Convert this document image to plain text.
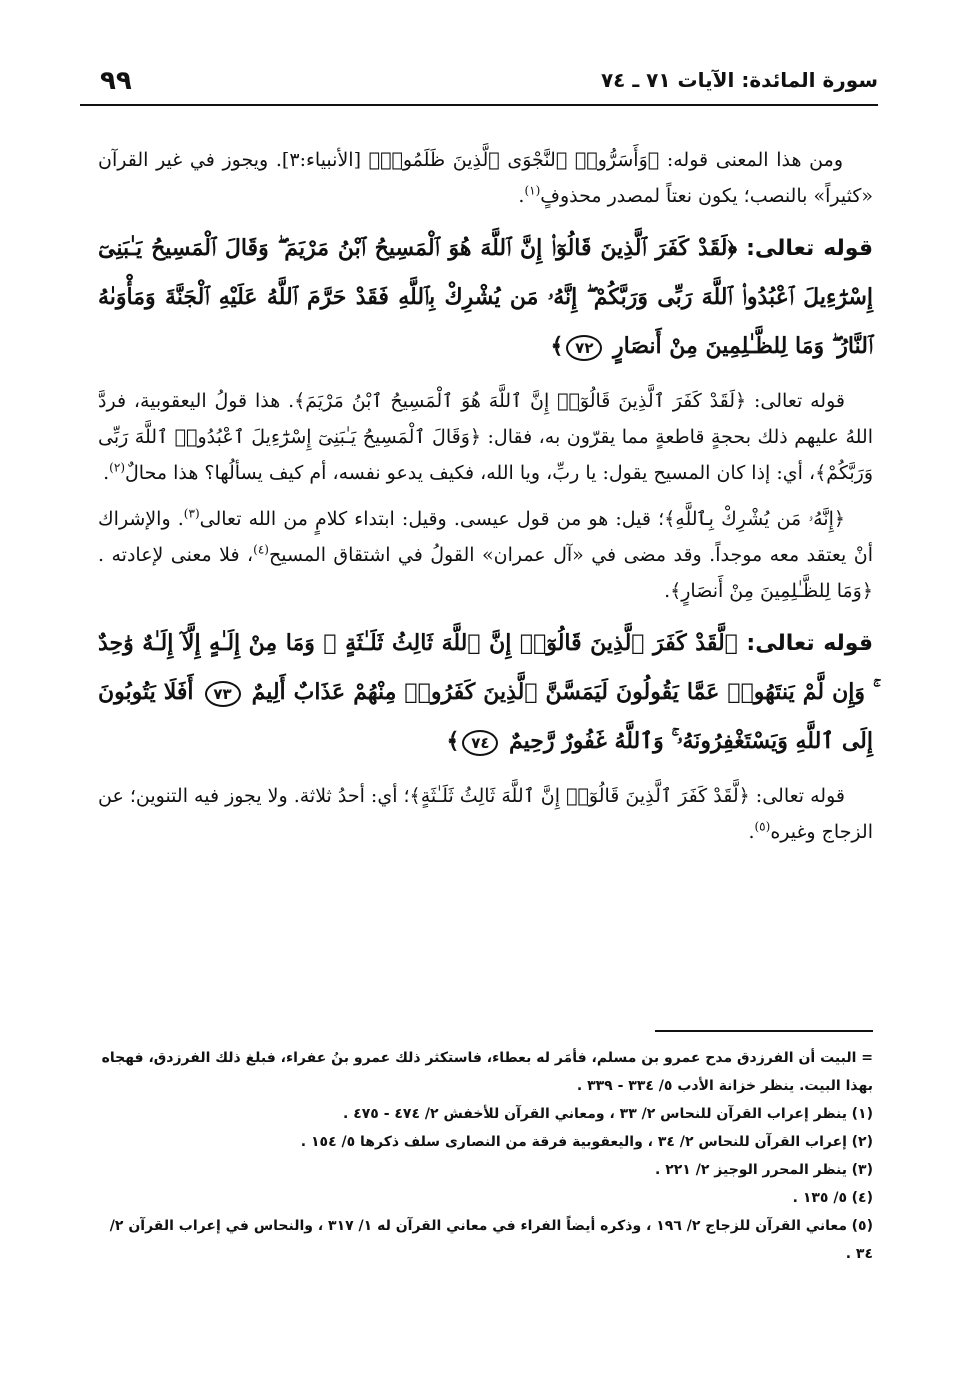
سورة المائدة: الآيات ٧١ ـ ٧٤
٩٩

ومن هذا المعنى قوله: ﴿وَأَسَرُّوا۟ ٱلنَّجْوَى ٱلَّذِينَ ظَلَمُوا۟﴾ [الأنبياء:٣]. ويجوز في غير القرآن «كثيراً» بالنصب؛ يكون نعتاً لمصدر محذوفٍ$^{(١)}$.

قوله تعالى: ﴿لَقَدْ كَفَرَ ٱلَّذِينَ قَالُوٓا۟ إِنَّ ٱللَّهَ هُوَ ٱلْمَسِيحُ ٱبْنُ مَرْيَمَ ۖ وَقَالَ ٱلْمَسِيحُ يَـٰبَنِىٓ إِسْرَٰٓءِيلَ ٱعْبُدُوا۟ ٱللَّهَ رَبِّى وَرَبَّكُمْ ۖ إِنَّهُۥ مَن يُشْرِكْ بِٱللَّهِ فَقَدْ حَرَّمَ ٱللَّهُ عَلَيْهِ ٱلْجَنَّةَ وَمَأْوَىٰهُ ٱلنَّارُ ۖ وَمَا لِلظَّـٰلِمِينَ مِنْ أَنصَارٍ ٧٢﴾

قوله تعالى: ﴿لَقَدْ كَفَرَ ٱلَّذِينَ قَالُوٓا۟ إِنَّ ٱللَّهَ هُوَ ٱلْمَسِيحُ ٱبْنُ مَرْيَمَ﴾. هذا قولُ اليعقوبية، فردَّ اللهُ عليهم ذلك بحجةٍ قاطعةٍ مما يقرّون به، فقال: ﴿وَقَالَ ٱلْمَسِيحُ يَـٰبَنِىٓ إِسْرَٰٓءِيلَ ٱعْبُدُوا۟ ٱللَّهَ رَبِّى وَرَبَّكُمْ﴾، أي: إذا كان المسيح يقول: يا ربِّ، ويا الله، فكيف يدعو نفسه، أم كيف يسألُها؟ هذا محالٌ$^{(٢)}$.

﴿إِنَّهُۥ مَن يُشْرِكْ بِٱللَّهِ﴾؛ قيل: هو من قول عيسى. وقيل: ابتداء كلامٍ من الله تعالى$^{(٣)}$. والإشراك أنْ يعتقد معه موجداً. وقد مضى في «آل عمران» القولُ في اشتقاق المسيح$^{(٤)}$، فلا معنى لإعادته .﴿وَمَا لِلظَّـٰلِمِينَ مِنْ أَنصَارٍ﴾.

قوله تعالى: ﴿لَّقَدْ كَفَرَ ٱلَّذِينَ قَالُوٓا۟ إِنَّ ٱللَّهَ ثَالِثُ ثَلَـٰثَةٍ ۘ وَمَا مِنْ إِلَـٰهٍ إِلَّآ إِلَـٰهٌ وَٰحِدٌ ۚ وَإِن لَّمْ يَنتَهُوا۟ عَمَّا يَقُولُونَ لَيَمَسَّنَّ ٱلَّذِينَ كَفَرُوا۟ مِنْهُمْ عَذَابٌ أَلِيمٌ ٧٣ أَفَلَا يَتُوبُونَ إِلَى ٱللَّهِ وَيَسْتَغْفِرُونَهُۥ ۚ وَٱللَّهُ غَفُورٌ رَّحِيمٌ ٧٤﴾

قوله تعالى: ﴿لَّقَدْ كَفَرَ ٱلَّذِينَ قَالُوٓا۟ إِنَّ ٱللَّهَ ثَالِثُ ثَلَـٰثَةٍ﴾؛ أي: أحدُ ثلاثة. ولا يجوز فيه التنوين؛ عن الزجاج وغيره$^{(٥)}$.

= البيت أن الفرزدق مدح عمرو بن مسلم، فأمَر له بعطاء، فاستكثر ذلك عمرو بنُ عفراء، فبلغ ذلك الفرزدق، فهجاه بهذا البيت. ينظر خزانة الأدب ٥/ ٣٣٤ - ٣٣٩ .

(١)ينظر إعراب القرآن للنحاس ٢/ ٣٣ ، ومعاني القرآن للأخفش ٢/ ٤٧٤ - ٤٧٥ .

(٢)إعراب القرآن للنحاس ٢/ ٣٤ ، واليعقوبية فرقة من النصارى سلف ذكرها ٥/ ١٥٤ .

(٣)ينظر المحرر الوجيز ٢/ ٢٢١ .

(٤)٥/ ١٣٥ .

(٥)معاني القرآن للزجاج ٢/ ١٩٦ ، وذكره أيضاً الفراء في معاني القرآن له ١/ ٣١٧ ، والنحاس في إعراب القرآن ٢/ ٣٤ .
